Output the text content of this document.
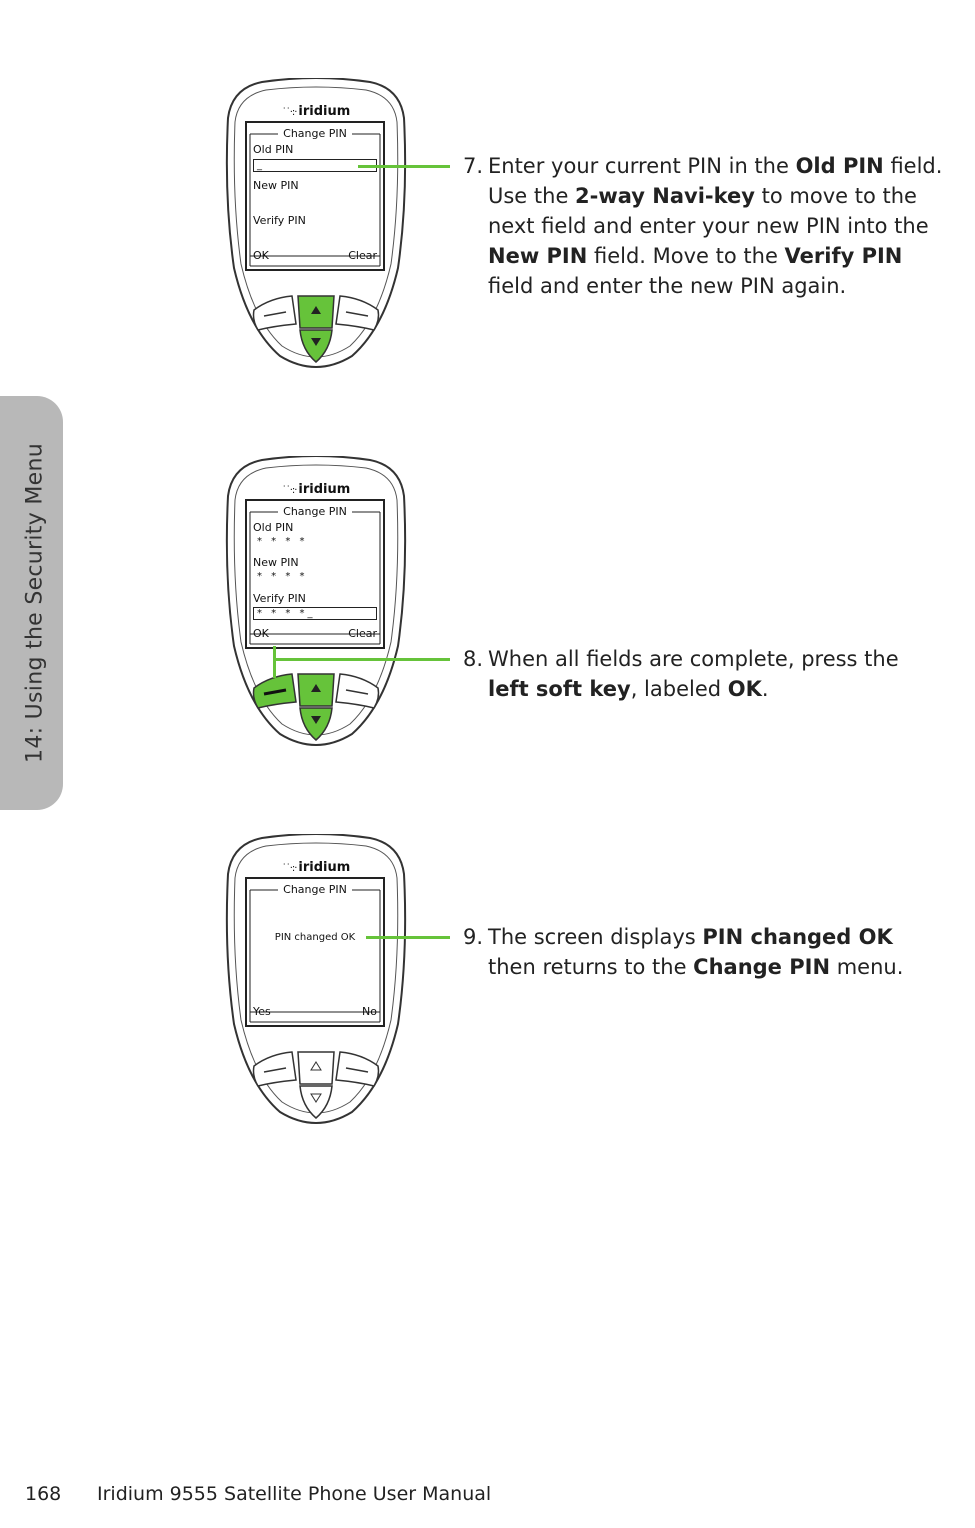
14: Using the Security Menu
˙˙·:· iridium
Change PIN
Old PIN
_
New PIN
Verify PIN
OK	Clear
˙˙·:· iridium
Change PIN
Old PIN
* * * *
New PIN
* * * *
Verify PIN
* * * *_
OK	Clear
˙˙·:· iridium
Change PIN
PIN changed OK
Yes	No
7. Enter your current PIN in the Old PIN field. Use the 2-way Navi-key to move to the next field and enter your new PIN into the New PIN field. Move to the Verify PIN field and enter the new PIN again.
8. When all fields are complete, press the left soft key, labeled OK.
9. The screen displays PIN changed OK then returns to the Change PIN menu.
168 Iridium 9555 Satellite Phone User Manual
